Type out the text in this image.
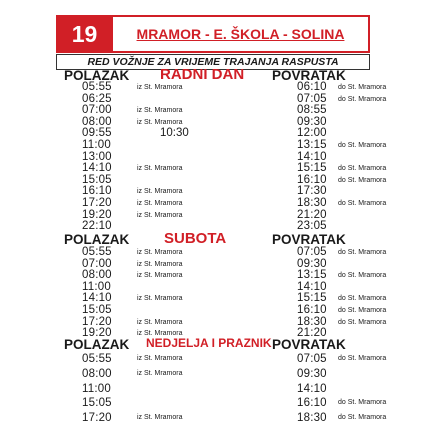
19	MRAMOR - E. ŠKOLA - SOLINA
RED VOŽNJE ZA VRIJEME TRAJANJA RASPUSTA
POLAZAK RADNI DAN POVRATAK
05:55	iz St. Mramora	06:10 do St. Mramora
06:25	07:05 do St. Mramora
07:00	iz St. Mramora	08:55
08:00	iz St. Mramora	09:30
09:55	10:30	12:00
11:00	13:15 do St. Mramora
13:00	14:10
14:10	iz St. Mramora	15:15 do St. Mramora
15:05	16:10 do St. Mramora
16:10	iz St. Mramora	17:30
17:20	iz St. Mramora	18:30 do St. Mramora
19:20	iz St. Mramora	21:20
22:10	23:05
POLAZAK SUBOTA	POVRATAK
05:55	iz St. Mramora	07:05 do St. Mramora
07:00	iz St. Mramora	09:30
08:00	iz St. Mramora	13:15 do St. Mramora
11:00	14:10
14:10	iz St. Mramora	15:15 do St. Mramora
15:05	16:10 do St. Mramora
17:20	iz St. Mramora	18:30 do St. Mramora
19:20	iz St. Mramora	21:20
POLAZAK NEDJELJA I PRAZNIK POVRATAK
05:55	iz St. Mramora	07:05 do St. Mramora
08:00	iz St. Mramora	09:30
11:00	14:10
15:05	16:10 do St. Mramora
17:20	iz St. Mramora	18:30 do St. Mramora
